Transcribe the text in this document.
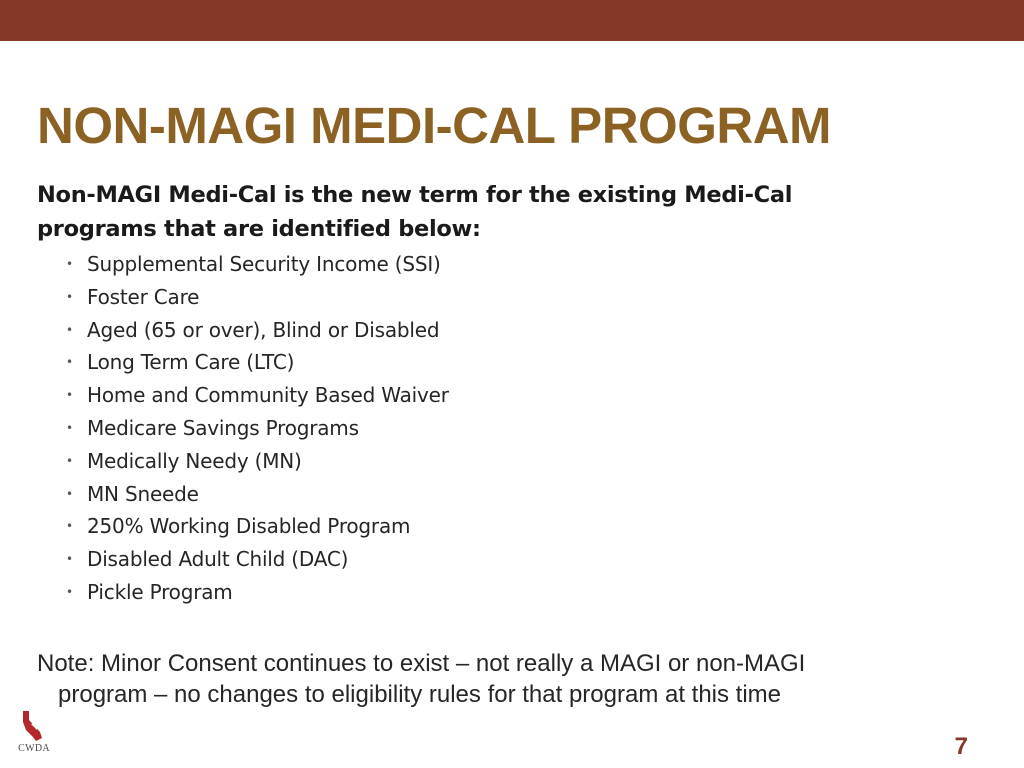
NON-MAGI MEDI-CAL PROGRAM

Non-MAGI Medi-Cal is the new term for the existing Medi-Cal
programs that are identified below:

• Supplemental Security Income (SSI)
• Foster Care
• Aged (65 or over), Blind or Disabled
• Long Term Care (LTC)
• Home and Community Based Waiver
• Medicare Savings Programs
• Medically Needy (MN)
• MN Sneede
• 250% Working Disabled Program
• Disabled Adult Child (DAC)
• Pickle Program

Note: Minor Consent continues to exist – not really a MAGI or non-MAGI
program – no changes to eligibility rules for that program at this time

CWDA	7
